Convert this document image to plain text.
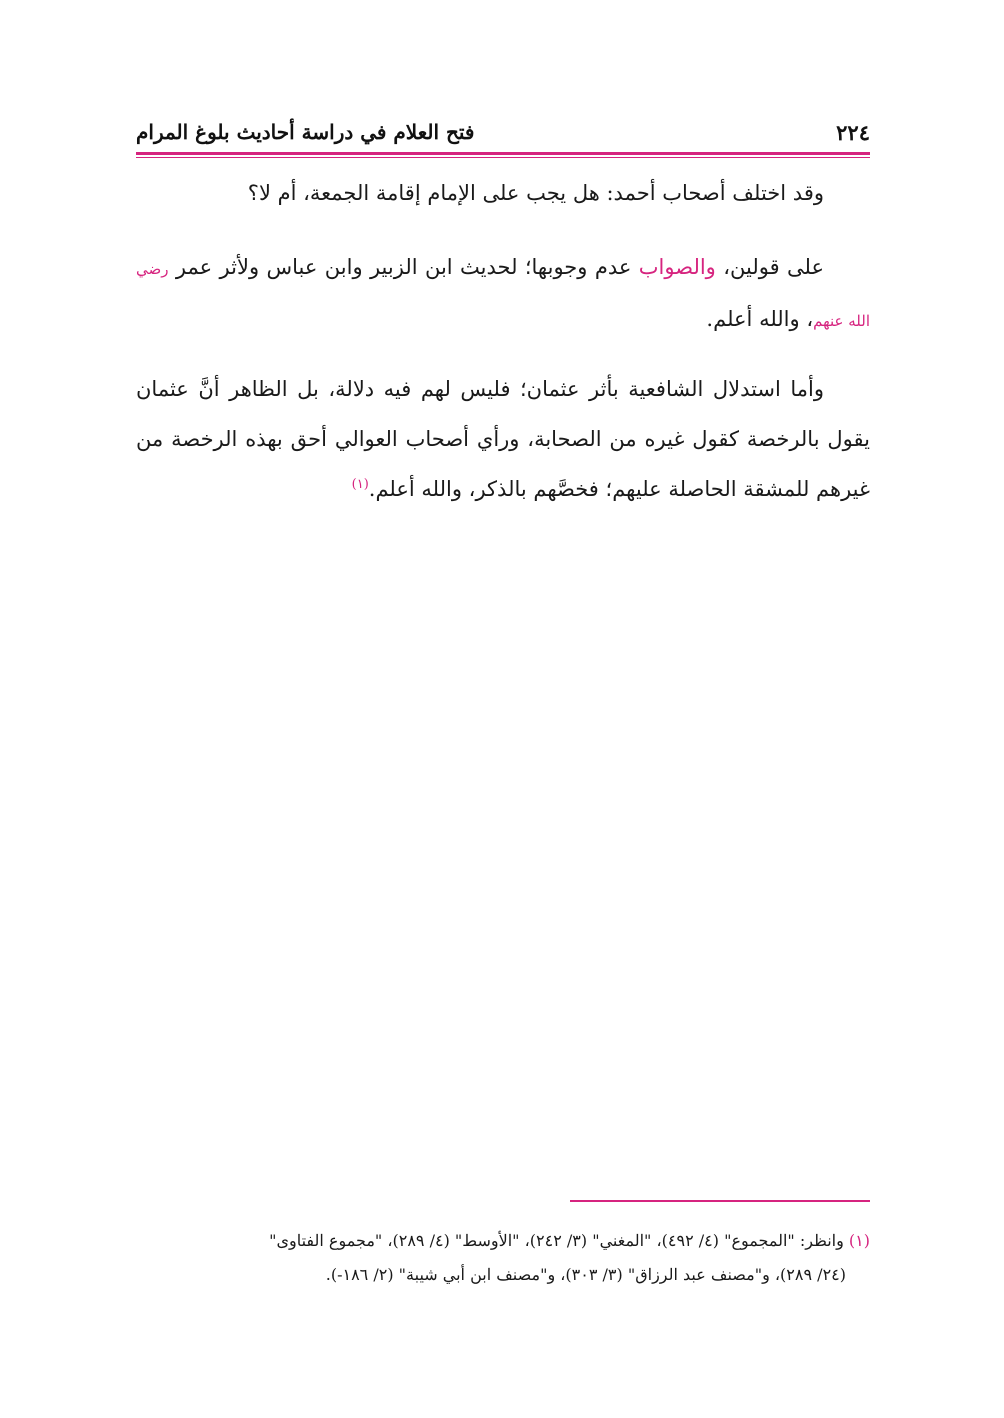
٢٢٤
فتح العلام في دراسة أحاديث بلوغ المرام

وقد اختلف أصحاب أحمد: هل يجب على الإمام إقامة الجمعة، أم لا؟

على قولين، والصواب عدم وجوبها؛ لحديث ابن الزبير وابن عباس ولأثر عمر رضي الله عنهم، والله أعلم.

وأما استدلال الشافعية بأثر عثمان؛ فليس لهم فيه دلالة، بل الظاهر أنَّ عثمان يقول بالرخصة كقول غيره من الصحابة، ورأي أصحاب العوالي أحق بهذه الرخصة من غيرهم للمشقة الحاصلة عليهم؛ فخصَّهم بالذكر، والله أعلم.$^{(١)}$

(١) وانظر: "المجموع" (٤/ ٤٩٢)، "المغني" (٣/ ٢٤٢)، "الأوسط" (٤/ ٢٨٩)، "مجموع الفتاوى"
(٢٤/ ٢٨٩)، و"مصنف عبد الرزاق" (٣/ ٣٠٣)، و"مصنف ابن أبي شيبة" (٢/ ١٨٦-).
